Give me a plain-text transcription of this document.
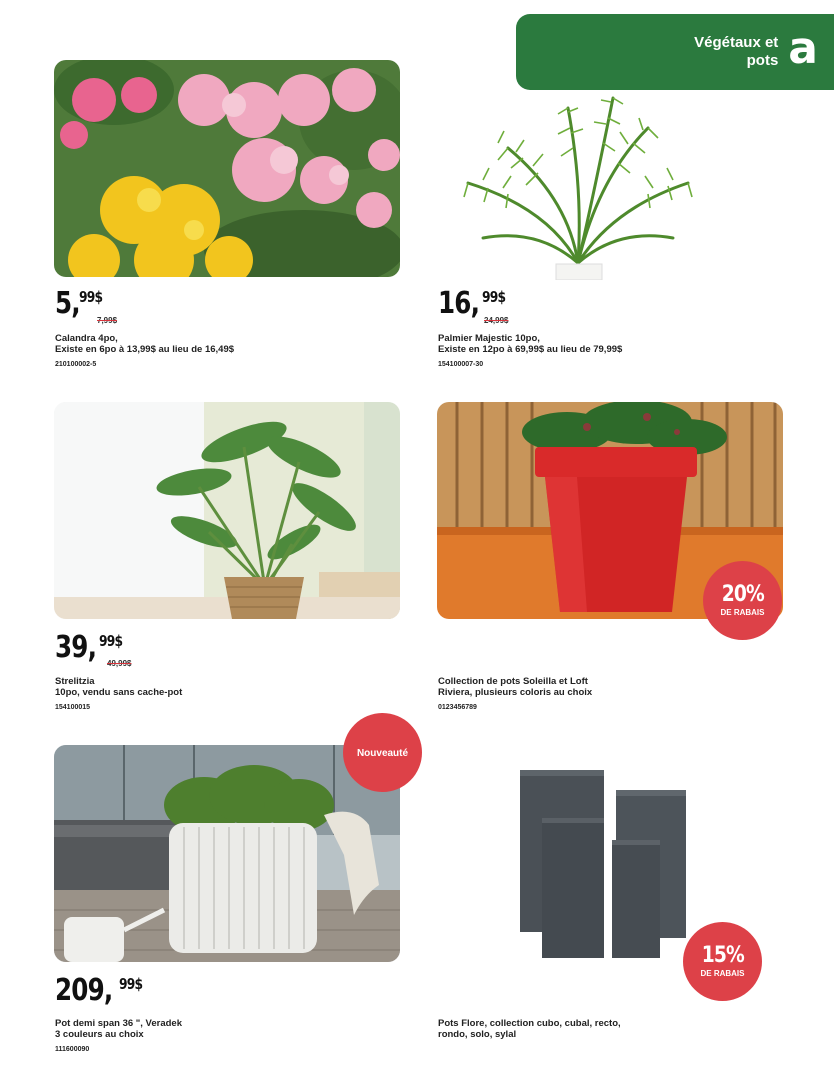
Végétaux et
pots a
5, 99$
7,99$
Calandra 4po,
Existe en 6po à 13,99$ au lieu de 16,49$
210100002-5
16, 99$
24,99$
Palmier Majestic 10po,
Existe en 12po à 69,99$ au lieu de 79,99$
154100007-30
39, 99$
49,99$
Strelitzia
10po, vendu sans cache-pot
154100015
20%
DE RABAIS
Collection de pots Soleilla et Loft
Riviera, plusieurs coloris au choix
0123456789
Nouveauté
209, 99$
Pot demi span 36 ", Veradek
3 couleurs au choix
111600090
15%
DE RABAIS
Pots Flore, collection cubo, cubal, recto,
rondo, solo, sylal
